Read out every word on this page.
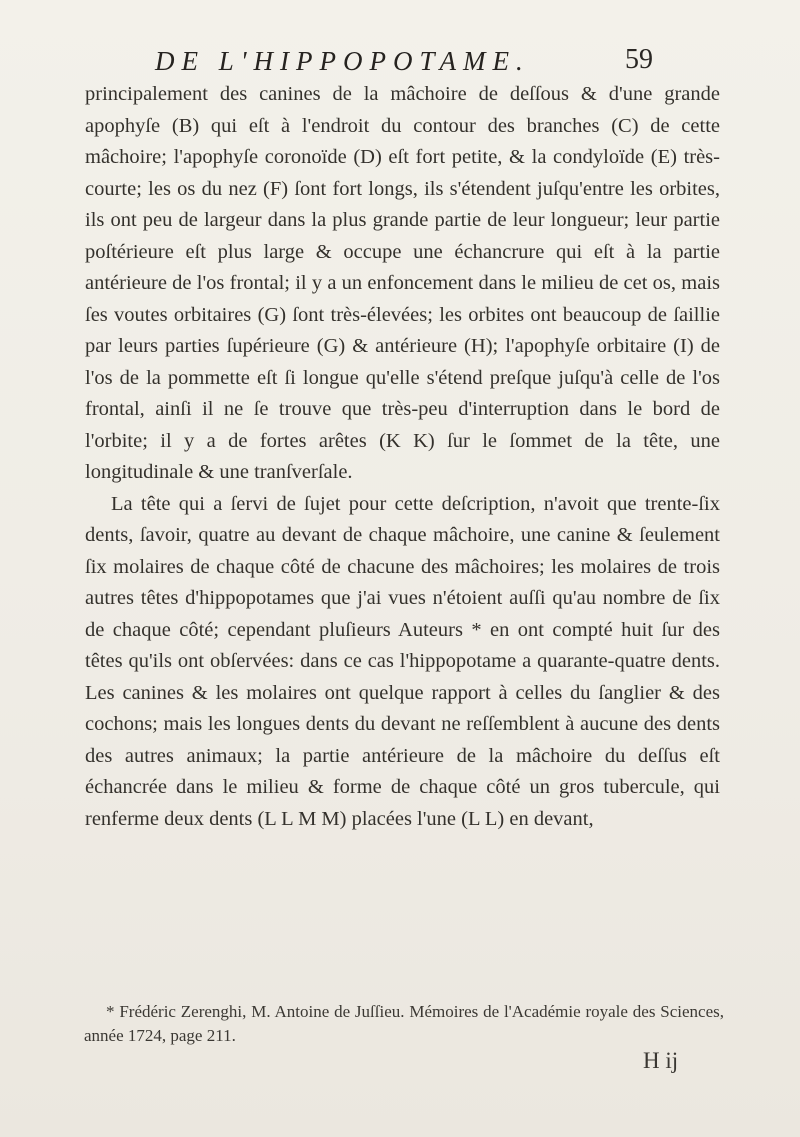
DE L'HIPPOPOTAME.	59

principalement des canines de la mâchoire de deſſous & d'une grande apophyſe (B) qui eſt à l'endroit du contour des branches (C) de cette mâchoire; l'apophyſe coronoïde (D) eſt fort petite, & la condyloïde (E) très-courte; les os du nez (F) ſont fort longs, ils s'étendent juſqu'entre les orbites, ils ont peu de largeur dans la plus grande partie de leur longueur; leur partie poſtérieure eſt plus large & occupe une échancrure qui eſt à la partie antérieure de l'os frontal; il y a un enfoncement dans le milieu de cet os, mais ſes voutes orbitaires (G) ſont très-élevées; les orbites ont beaucoup de ſaillie par leurs parties ſupérieure (G) & antérieure (H); l'apophyſe orbitaire (I) de l'os de la pommette eſt ſi longue qu'elle s'étend preſque juſqu'à celle de l'os frontal, ainſi il ne ſe trouve que très-peu d'interruption dans le bord de l'orbite; il y a de fortes arêtes (K K) ſur le ſommet de la tête, une longitudinale & une tranſverſale.

La tête qui a ſervi de ſujet pour cette deſcription, n'avoit que trente-ſix dents, ſavoir, quatre au devant de chaque mâchoire, une canine & ſeulement ſix molaires de chaque côté de chacune des mâchoires; les molaires de trois autres têtes d'hippopotames que j'ai vues n'étoient auſſi qu'au nombre de ſix de chaque côté; cependant pluſieurs Auteurs * en ont compté huit ſur des têtes qu'ils ont obſervées: dans ce cas l'hippopotame a quarante-quatre dents. Les canines & les molaires ont quelque rapport à celles du ſanglier & des cochons; mais les longues dents du devant ne reſſemblent à aucune des dents des autres animaux; la partie antérieure de la mâchoire du deſſus eſt échancrée dans le milieu & forme de chaque côté un gros tubercule, qui renferme deux dents (L L M M) placées l'une (L L) en devant,

* Frédéric Zerenghi, M. Antoine de Juſſieu. Mémoires de l'Académie royale des Sciences, année 1724, page 211.
H ij
